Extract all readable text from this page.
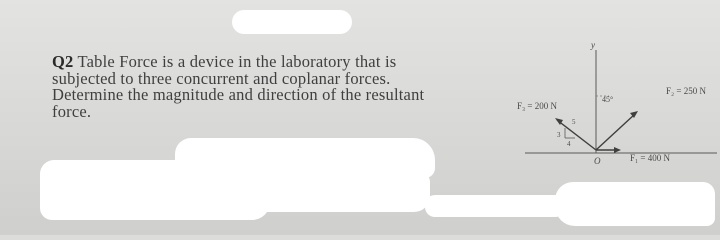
Q2 Table Force is a device in the laboratory that is
subjected to three concurrent and coplanar forces.
Determine the magnitude and direction of the resultant
force.
y
45°
F₃ = 200 N
5
3
4
F₂ = 250 N
F₁ = 400 N
O
